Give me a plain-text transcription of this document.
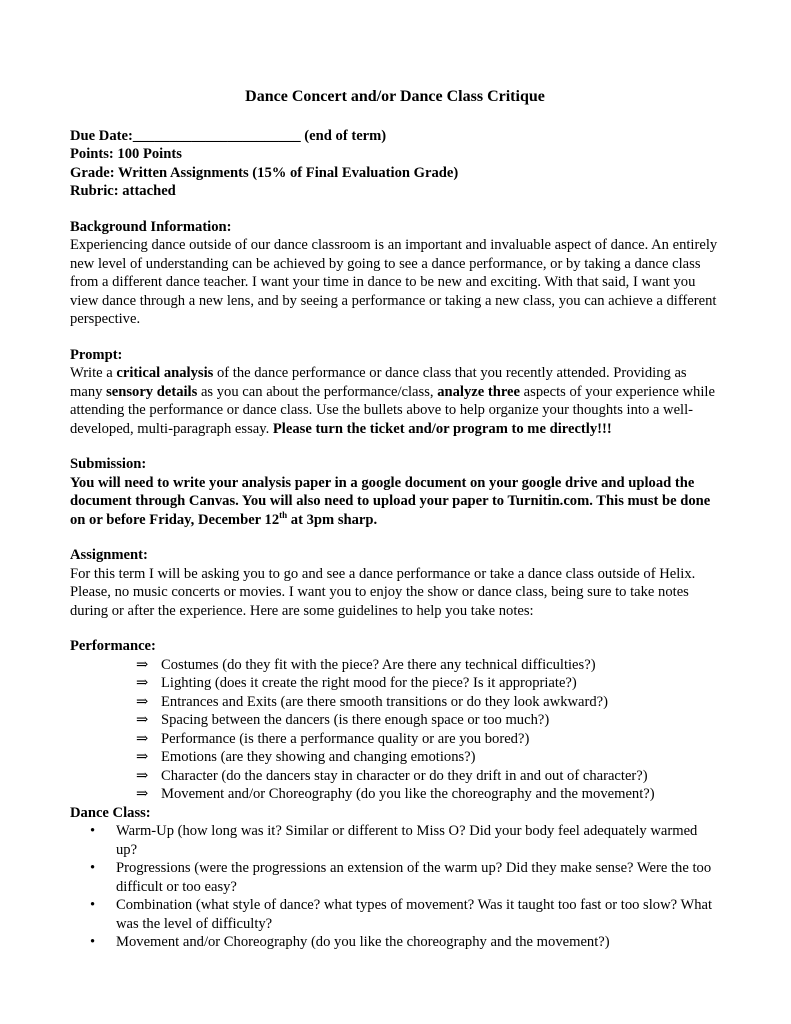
Dance Concert and/or Dance Class Critique
Due Date:_______________________ (end of term)
Points: 100 Points
Grade: Written Assignments (15% of Final Evaluation Grade)
Rubric: attached
Background Information:

Experiencing dance outside of our dance classroom is an important and invaluable aspect of dance. An entirely new level of understanding can be achieved by going to see a dance performance, or by taking a dance class from a different dance teacher. I want your time in dance to be new and exciting. With that said, I want you view dance through a new lens, and by seeing a performance or taking a new class, you can achieve a different perspective.

Prompt:

Write a critical analysis of the dance performance or dance class that you recently attended. Providing as many sensory details as you can about the performance/class, analyze three aspects of your experience while attending the performance or dance class. Use the bullets above to help organize your thoughts into a well-developed, multi-paragraph essay. Please turn the ticket and/or program to me directly!!!

Submission:

You will need to write your analysis paper in a google document on your google drive and upload the document through Canvas. You will also need to upload your paper to Turnitin.com. This must be done on or before Friday, December 12th at 3pm sharp.

Assignment:

For this term I will be asking you to go and see a dance performance or take a dance class outside of Helix. Please, no music concerts or movies. I want you to enjoy the show or dance class, being sure to take notes during or after the experience. Here are some guidelines to help you take notes:

Performance:
⇒ Costumes (do they fit with the piece? Are there any technical difficulties?)
⇒ Lighting (does it create the right mood for the piece? Is it appropriate?)
⇒ Entrances and Exits (are there smooth transitions or do they look awkward?)
⇒ Spacing between the dancers (is there enough space or too much?)
⇒ Performance (is there a performance quality or are you bored?)
⇒ Emotions (are they showing and changing emotions?)
⇒ Character (do the dancers stay in character or do they drift in and out of character?)
⇒ Movement and/or Choreography (do you like the choreography and the movement?)
Dance Class:
• Warm-Up (how long was it? Similar or different to Miss O? Did your body feel adequately warmed up?
• Progressions (were the progressions an extension of the warm up? Did they make sense? Were the too difficult or too easy?
• Combination (what style of dance? what types of movement? Was it taught too fast or too slow? What was the level of difficulty?
• Movement and/or Choreography (do you like the choreography and the movement?)
